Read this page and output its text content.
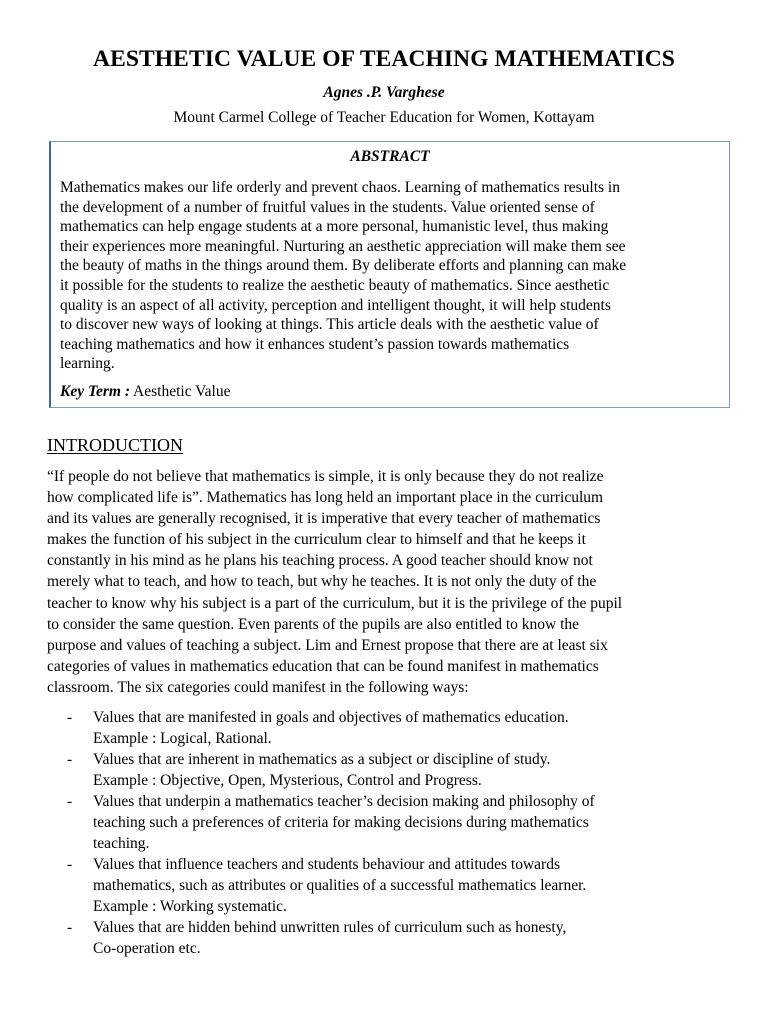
AESTHETIC VALUE OF TEACHING MATHEMATICS
Agnes .P. Varghese
Mount Carmel College of Teacher Education for Women, Kottayam
ABSTRACT
Mathematics makes our life orderly and prevent chaos. Learning of mathematics results in
the development of a number of fruitful values in the students. Value oriented sense of
mathematics can help engage students at a more personal, humanistic level, thus making
their experiences more meaningful. Nurturing an aesthetic appreciation will make them see
the beauty of maths in the things around them. By deliberate efforts and planning can make
it possible for the students to realize the aesthetic beauty of mathematics. Since aesthetic
quality is an aspect of all activity, perception and intelligent thought, it will help students
to discover new ways of looking at things. This article deals with the aesthetic value of
teaching mathematics and how it enhances student’s passion towards mathematics
learning.
Key Term : Aesthetic Value
INTRODUCTION
“If people do not believe that mathematics is simple, it is only because they do not realize
how complicated life is”. Mathematics has long held an important place in the curriculum
and its values are generally recognised, it is imperative that every teacher of mathematics
makes the function of his subject in the curriculum clear to himself and that he keeps it
constantly in his mind as he plans his teaching process. A good teacher should know not
merely what to teach, and how to teach, but why he teaches. It is not only the duty of the
teacher to know why his subject is a part of the curriculum, but it is the privilege of the pupil
to consider the same question. Even parents of the pupils are also entitled to know the
purpose and values of teaching a subject. Lim and Ernest propose that there are at least six
categories of values in mathematics education that can be found manifest in mathematics
classroom. The six categories could manifest in the following ways:
- Values that are manifested in goals and objectives of mathematics education.
Example : Logical, Rational.
- Values that are inherent in mathematics as a subject or discipline of study.
Example : Objective, Open, Mysterious, Control and Progress.
- Values that underpin a mathematics teacher’s decision making and philosophy of
teaching such a preferences of criteria for making decisions during mathematics
teaching.
- Values that influence teachers and students behaviour and attitudes towards
mathematics, such as attributes or qualities of a successful mathematics learner.
Example : Working systematic.
- Values that are hidden behind unwritten rules of curriculum such as honesty,
Co-operation etc.
